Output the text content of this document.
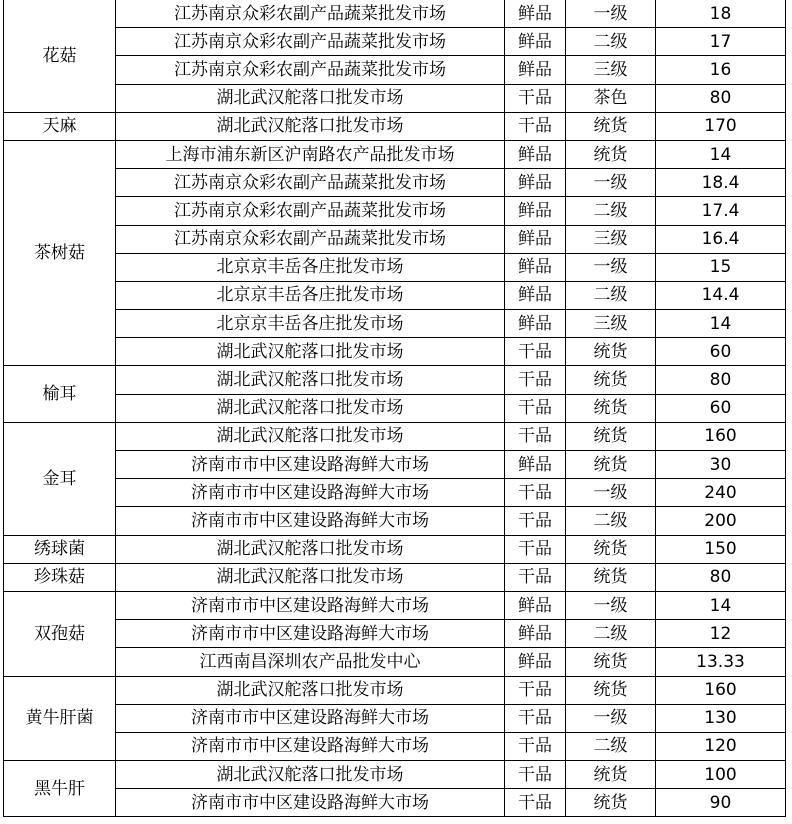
花菇	江苏南京众彩农副产品蔬菜批发市场	鲜品	一级	18
	江苏南京众彩农副产品蔬菜批发市场	鲜品	二级	17
	江苏南京众彩农副产品蔬菜批发市场	鲜品	三级	16
	湖北武汉舵落口批发市场	干品	茶色	80
天麻	湖北武汉舵落口批发市场	干品	统货	170
茶树菇	上海市浦东新区沪南路农产品批发市场	鲜品	统货	14
	江苏南京众彩农副产品蔬菜批发市场	鲜品	一级	18.4
	江苏南京众彩农副产品蔬菜批发市场	鲜品	二级	17.4
	江苏南京众彩农副产品蔬菜批发市场	鲜品	三级	16.4
	北京京丰岳各庄批发市场	鲜品	一级	15
	北京京丰岳各庄批发市场	鲜品	二级	14.4
	北京京丰岳各庄批发市场	鲜品	三级	14
	湖北武汉舵落口批发市场	干品	统货	60
榆耳	湖北武汉舵落口批发市场	干品	统货	80
	湖北武汉舵落口批发市场	干品	统货	60
金耳	湖北武汉舵落口批发市场	干品	统货	160
	济南市市中区建设路海鲜大市场	鲜品	统货	30
	济南市市中区建设路海鲜大市场	干品	一级	240
	济南市市中区建设路海鲜大市场	干品	二级	200
绣球菌	湖北武汉舵落口批发市场	干品	统货	150
珍珠菇	湖北武汉舵落口批发市场	干品	统货	80
双孢菇	济南市市中区建设路海鲜大市场	鲜品	一级	14
	济南市市中区建设路海鲜大市场	鲜品	二级	12
	江西南昌深圳农产品批发中心	鲜品	统货	13.33
黄牛肝菌	湖北武汉舵落口批发市场	干品	统货	160
	济南市市中区建设路海鲜大市场	干品	一级	130
	济南市市中区建设路海鲜大市场	干品	二级	120
黑牛肝	湖北武汉舵落口批发市场	干品	统货	100
	济南市市中区建设路海鲜大市场	干品	统货	90
